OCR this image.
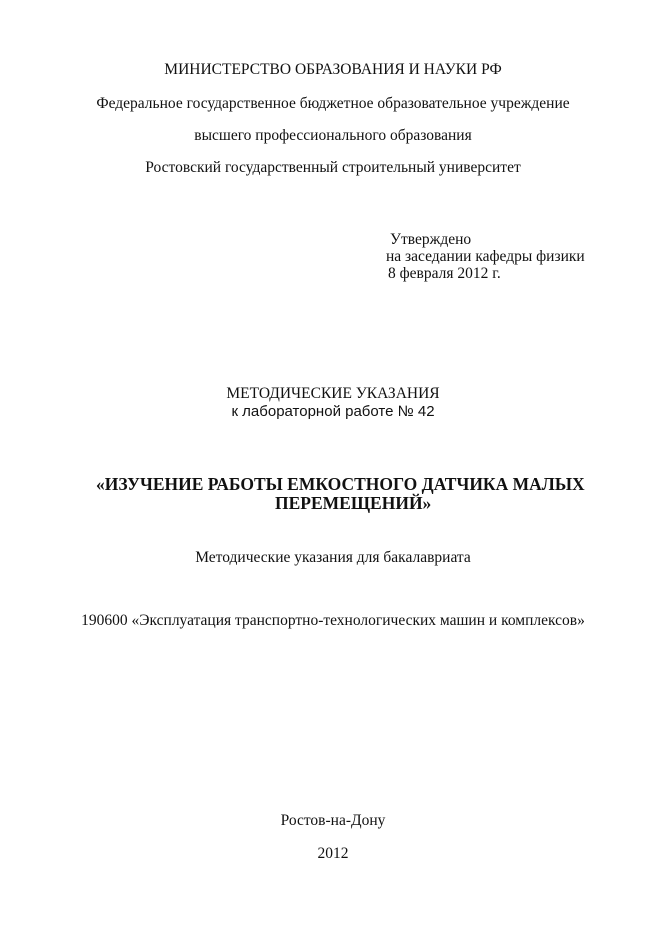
МИНИСТЕРСТВО ОБРАЗОВАНИЯ И НАУКИ РФ
Федеральное государственное бюджетное образовательное учреждение
высшего профессионального образования
Ростовский государственный строительный университет
Утверждено
на заседании кафедры физики
8 февраля 2012 г.
МЕТОДИЧЕСКИЕ УКАЗАНИЯ
к лабораторной работе № 42
«ИЗУЧЕНИЕ РАБОТЫ ЕМКОСТНОГО ДАТЧИКА МАЛЫХ
ПЕРЕМЕЩЕНИЙ»
Методические указания для бакалавриата
190600 «Эксплуатация транспортно-технологических машин и комплексов»
Ростов-на-Дону
2012
